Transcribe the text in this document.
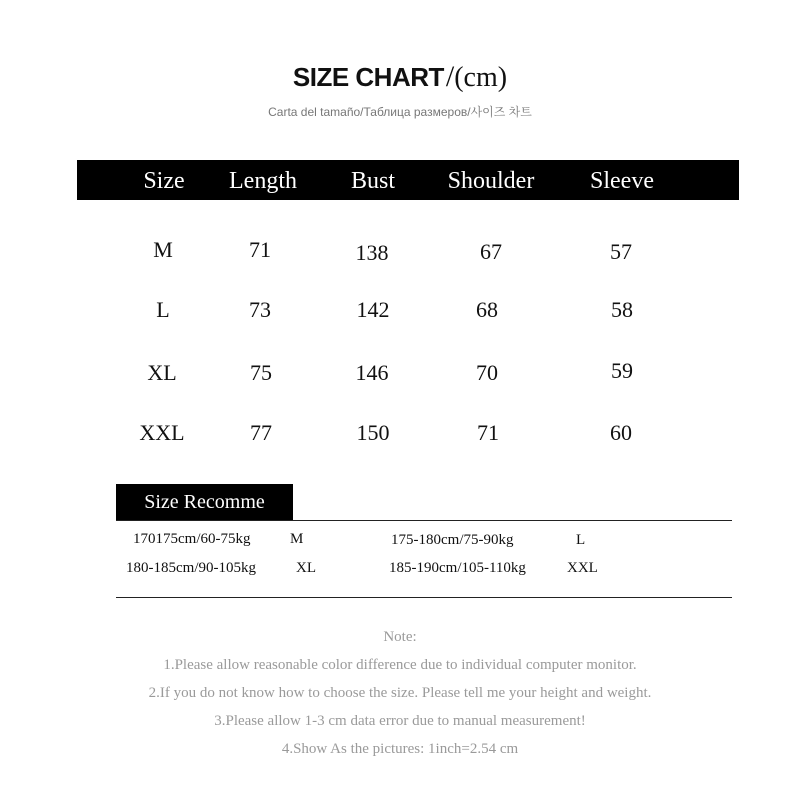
SIZE CHART/(cm)
Carta del tamaño/Таблица размеров/사이즈 차트
Size	Length	Bust	Shoulder	Sleeve
M	71	138	67	57
L	73	142	68	58
XL	75	146	70	59
XXL	77	150	71	60
Size Recomme
170175cm/60-75kg	M	175-180cm/75-90kg	L
180-185cm/90-105kg	XL	185-190cm/105-110kg	XXL
Note:
1.Please allow reasonable color difference due to individual computer monitor.
2.If you do not know how to choose the size. Please tell me your height and weight.
3.Please allow 1-3 cm data error due to manual measurement!
4.Show As the pictures: 1inch=2.54 cm
